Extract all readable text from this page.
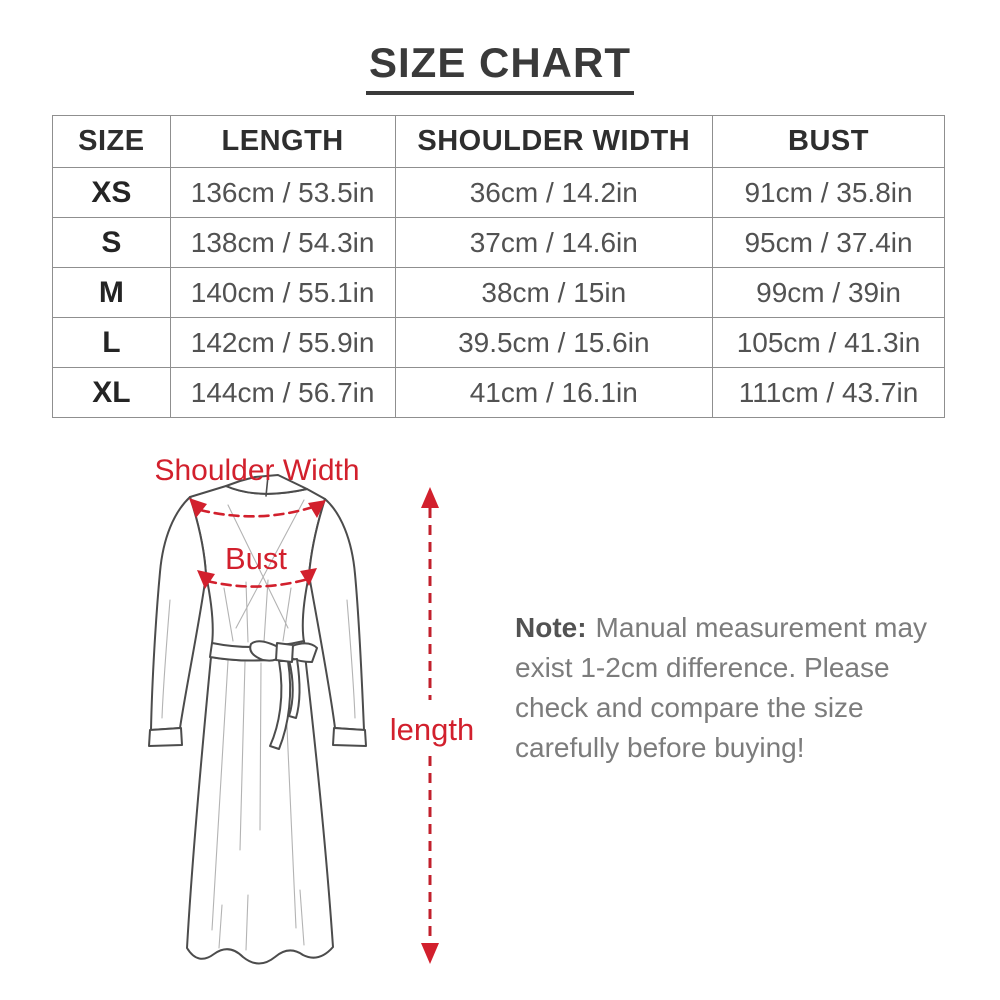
SIZE CHART
SIZE	LENGTH	SHOULDER WIDTH	BUST
XS	136cm / 53.5in	36cm / 14.2in	91cm / 35.8in
S	138cm / 54.3in	37cm / 14.6in	95cm / 37.4in
M	140cm / 55.1in	38cm / 15in	99cm / 39in
L	142cm / 55.9in	39.5cm / 15.6in	105cm / 41.3in
XL	144cm / 56.7in	41cm / 16.1in	111cm / 43.7in
Shoulder Width
Bust
length
Note: Manual measurement may
exist 1-2cm difference. Please
check and compare the size
carefully before buying!
